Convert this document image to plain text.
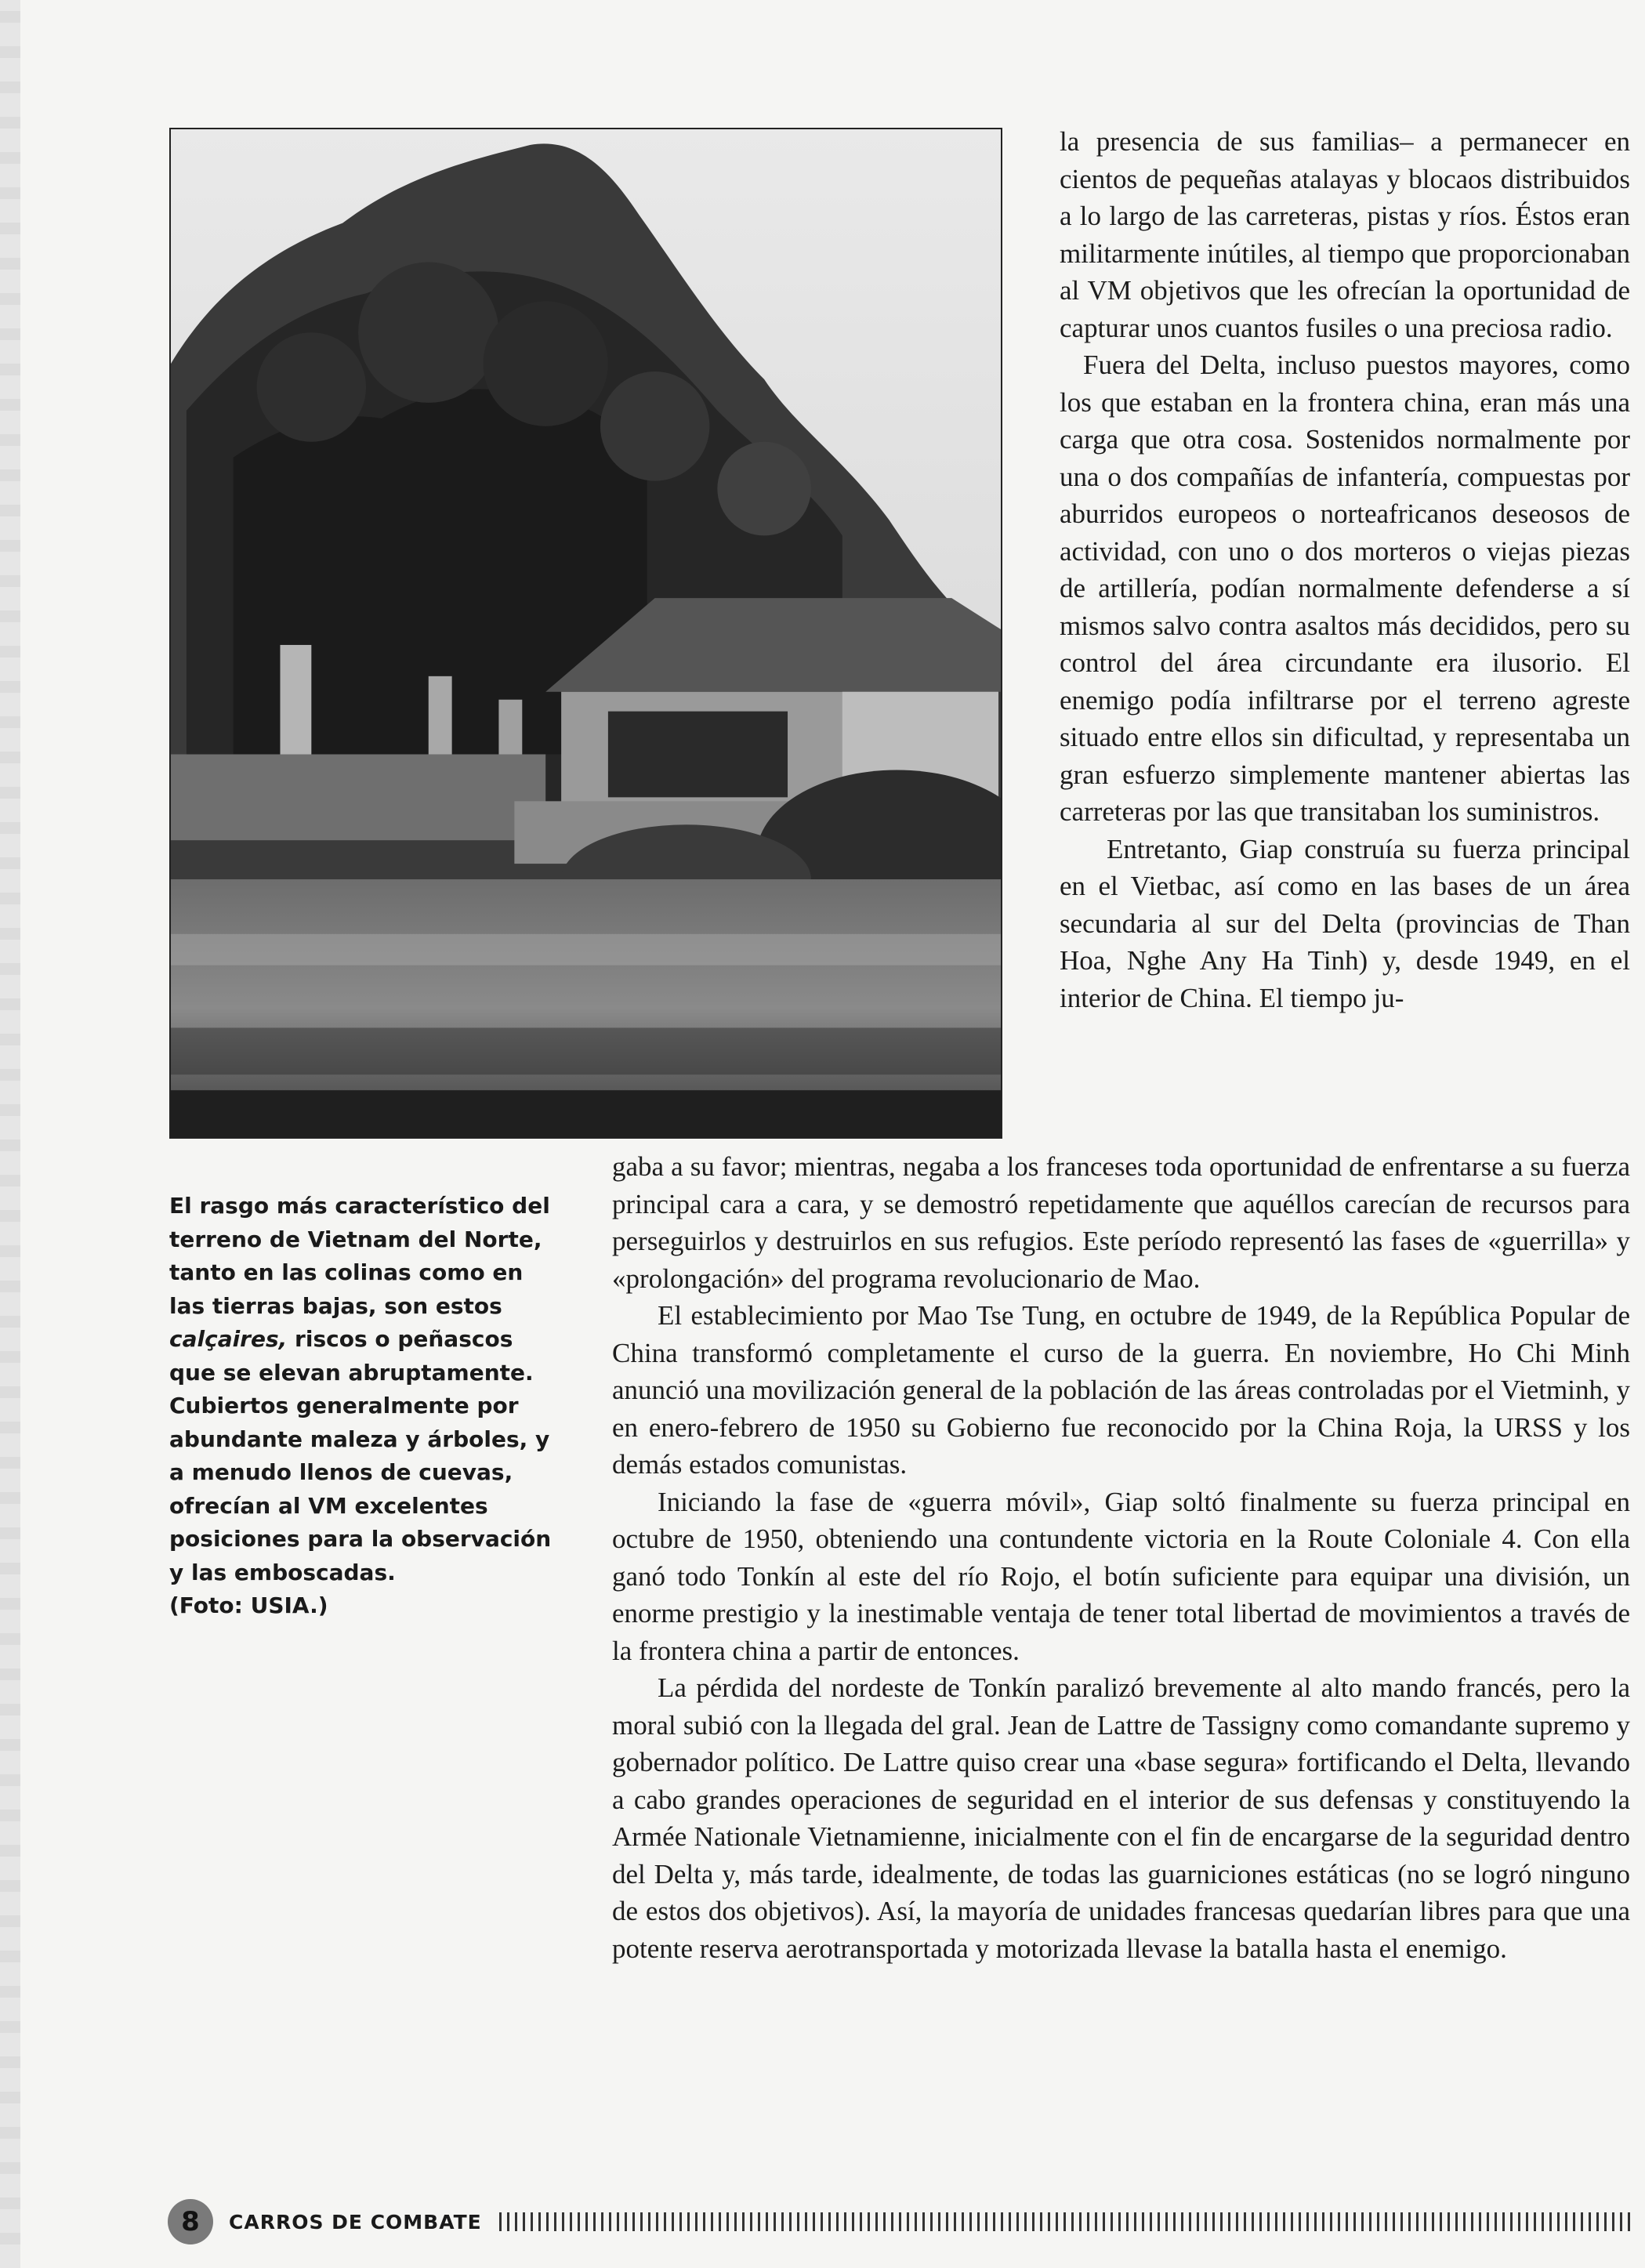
El rasgo más característico del terreno de Vietnam del Norte, tanto en las colinas como en las tierras bajas, son estos calçaires, riscos o peñascos que se elevan abruptamente. Cubiertos generalmente por abundante maleza y árboles, y a menudo llenos de cuevas, ofrecían al VM excelentes posiciones para la observación y las emboscadas.

(Foto: USIA.)

la presencia de sus familias– a permanecer en cientos de pequeñas atalayas y blocaos distribuidos a lo largo de las carreteras, pistas y ríos. Éstos eran militarmente inútiles, al tiempo que proporcionaban al VM objetivos que les ofrecían la oportunidad de capturar unos cuantos fusiles o una preciosa radio.

Fuera del Delta, incluso puestos mayores, como los que estaban en la frontera china, eran más una carga que otra cosa. Sostenidos normalmente por una o dos compañías de infantería, compuestas por aburridos europeos o norteafricanos deseosos de actividad, con uno o dos morteros o viejas piezas de artillería, podían normalmente defenderse a sí mismos salvo contra asaltos más decididos, pero su control del área circundante era ilusorio. El enemigo podía infiltrarse por el terreno agreste situado entre ellos sin dificultad, y representaba un gran esfuerzo simplemente mantener abiertas las carreteras por las que transitaban los suministros.

Entretanto, Giap construía su fuerza principal en el Vietbac, así como en las bases de un área secundaria al sur del Delta (provincias de Than Hoa, Nghe Any Ha Tinh) y, desde 1949, en el interior de China. El tiempo ju-

gaba a su favor; mientras, negaba a los franceses toda oportunidad de enfrentarse a su fuerza principal cara a cara, y se demostró repetidamente que aquéllos carecían de recursos para perseguirlos y destruirlos en sus refugios. Este período representó las fases de «guerrilla» y «prolongación» del programa revolucionario de Mao.

El establecimiento por Mao Tse Tung, en octubre de 1949, de la República Popular de China transformó completamente el curso de la guerra. En noviembre, Ho Chi Minh anunció una movilización general de la población de las áreas controladas por el Vietminh, y en enero-febrero de 1950 su Gobierno fue reconocido por la China Roja, la URSS y los demás estados comunistas.

Iniciando la fase de «guerra móvil», Giap soltó finalmente su fuerza principal en octubre de 1950, obteniendo una contundente victoria en la Route Coloniale 4. Con ella ganó todo Tonkín al este del río Rojo, el botín suficiente para equipar una división, un enorme prestigio y la inestimable ventaja de tener total libertad de movimientos a través de la frontera china a partir de entonces.

La pérdida del nordeste de Tonkín paralizó brevemente al alto mando francés, pero la moral subió con la llegada del gral. Jean de Lattre de Tassigny como comandante supremo y gobernador político. De Lattre quiso crear una «base segura» fortificando el Delta, llevando a cabo grandes operaciones de seguridad en el interior de sus defensas y constituyendo la Armée Nationale Vietnamienne, inicialmente con el fin de encargarse de la seguridad dentro del Delta y, más tarde, idealmente, de todas las guarniciones estáticas (no se logró ninguno de estos dos objetivos). Así, la mayoría de unidades francesas quedarían libres para que una potente reserva aerotransportada y motorizada llevase la batalla hasta el enemigo.

8	CARROS DE COMBATE
